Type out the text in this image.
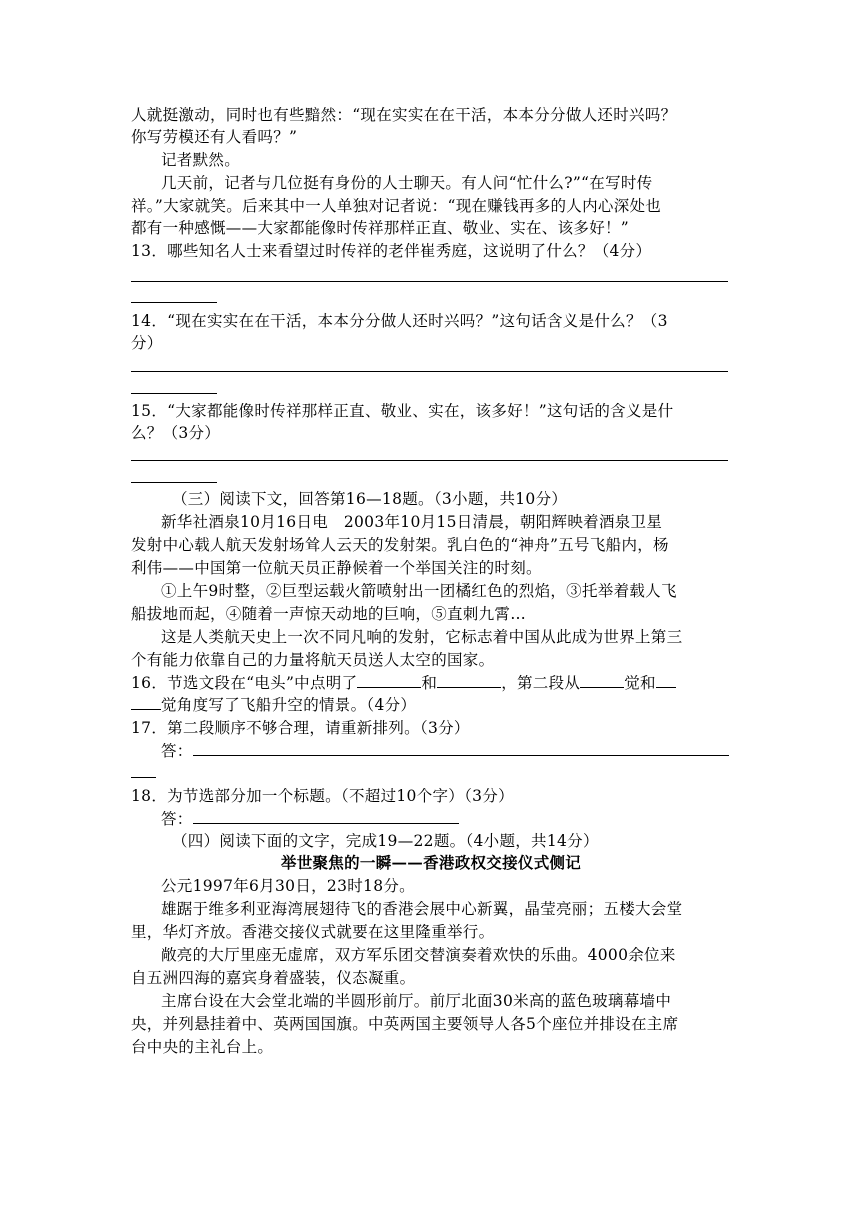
人就挺激动，同时也有些黯然：“现在实实在在干活，本本分分做人还时兴吗？
你写劳模还有人看吗？”
记者默然。
几天前，记者与几位挺有身份的人士聊天。有人问“忙什么?”“在写时传
祥。”大家就笑。后来其中一人单独对记者说：“现在赚钱再多的人内心深处也
都有一种感慨——大家都能像时传祥那样正直、敬业、实在、该多好！”
13．哪些知名人士来看望过时传祥的老伴崔秀庭，这说明了什么？（4分）
14．“现在实实在在干活，本本分分做人还时兴吗？”这句话含义是什么？（3
分）
15．“大家都能像时传祥那样正直、敬业、实在，该多好！”这句话的含义是什
么？（3分）
（三）阅读下文，回答第16—18题。（3小题，共10分）
新华社酒泉10月16日电　2003年10月15日清晨，朝阳辉映着酒泉卫星
发射中心载人航天发射场耸人云天的发射架。乳白色的“神舟”五号飞船内，杨
利伟——中国第一位航天员正静候着一个举国关注的时刻。
①上午9时整，②巨型运载火箭喷射出一团橘红色的烈焰，③托举着载人飞
船拔地而起，④随着一声惊天动地的巨响，⑤直刺九霄…
这是人类航天史上一次不同凡响的发射，它标志着中国从此成为世界上第三
个有能力依靠自己的力量将航天员送人太空的国家。
16．节选文段在“电头”中点明了	和	，第二段从	觉和
觉角度写了飞船升空的情景。（4分）
17．第二段顺序不够合理，请重新排列。（3分）
答：
18．为节选部分加一个标题。（不超过10个字）（3分）
答：
（四）阅读下面的文字，完成19—22题。（4小题，共14分）
举世聚焦的一瞬——香港政权交接仪式侧记
公元1997年6月30日，23时18分。
雄踞于维多利亚海湾展翅待飞的香港会展中心新翼，晶莹亮丽；五楼大会堂
里，华灯齐放。香港交接仪式就要在这里隆重举行。
敞亮的大厅里座无虚席，双方军乐团交替演奏着欢快的乐曲。4000余位来
自五洲四海的嘉宾身着盛装，仪态凝重。
主席台设在大会堂北端的半圆形前厅。前厅北面30米高的蓝色玻璃幕墙中
央，并列悬挂着中、英两国国旗。中英两国主要领导人各5个座位并排设在主席
台中央的主礼台上。
